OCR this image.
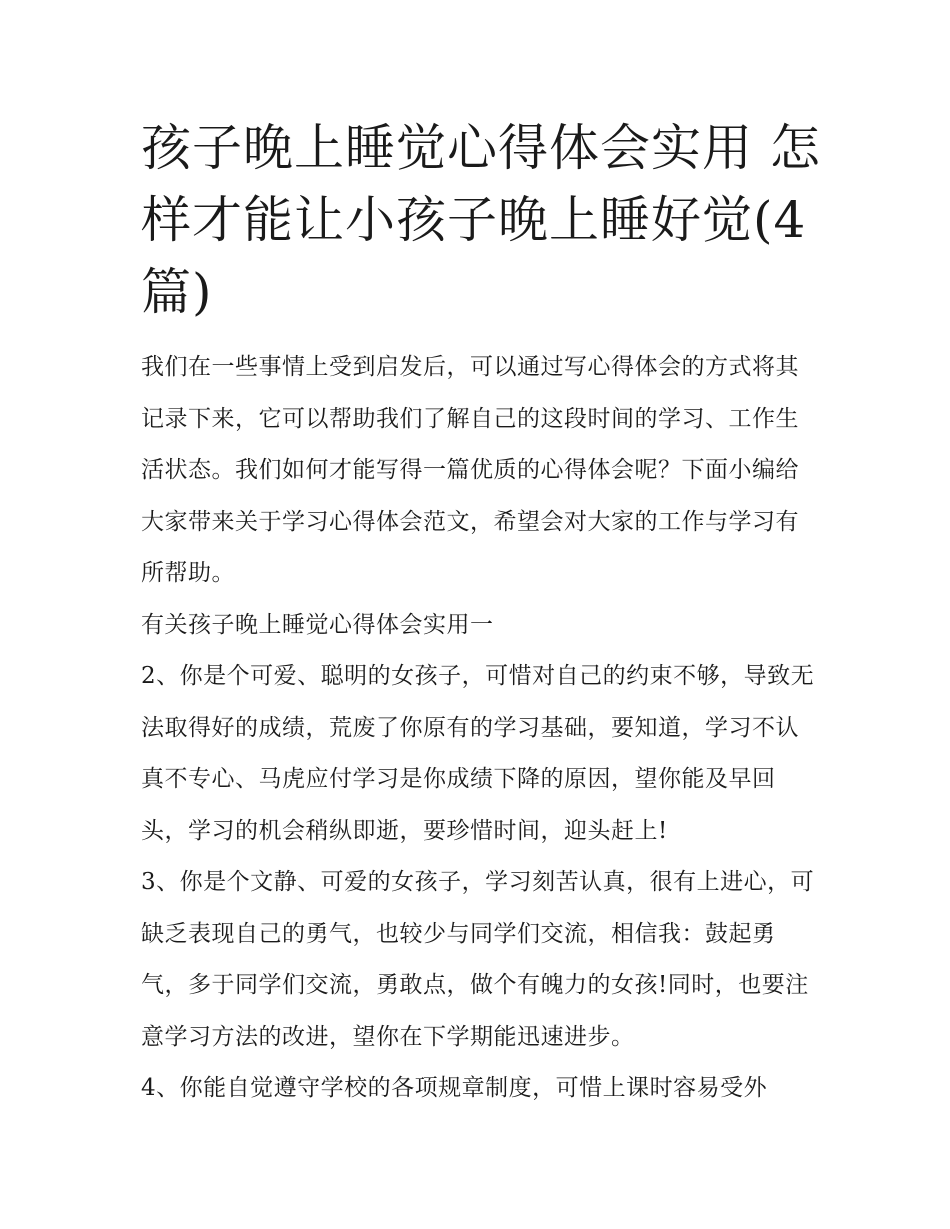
孩子晚上睡觉心得体会实用 怎样才能让小孩子晚上睡好觉(4篇)

我们在一些事情上受到启发后，可以通过写心得体会的方式将其记录下来，它可以帮助我们了解自己的这段时间的学习、工作生活状态。我们如何才能写得一篇优质的心得体会呢？下面小编给大家带来关于学习心得体会范文，希望会对大家的工作与学习有所帮助。

有关孩子晚上睡觉心得体会实用一

2、你是个可爱、聪明的女孩子，可惜对自己的约束不够，导致无法取得好的成绩，荒废了你原有的学习基础，要知道，学习不认真不专心、马虎应付学习是你成绩下降的原因，望你能及早回头，学习的机会稍纵即逝，要珍惜时间，迎头赶上!

3、你是个文静、可爱的女孩子，学习刻苦认真，很有上进心，可缺乏表现自己的勇气，也较少与同学们交流，相信我：鼓起勇气，多于同学们交流，勇敢点，做个有魄力的女孩!同时，也要注意学习方法的改进，望你在下学期能迅速进步。

4、你能自觉遵守学校的各项规章制度，可惜上课时容易受外
